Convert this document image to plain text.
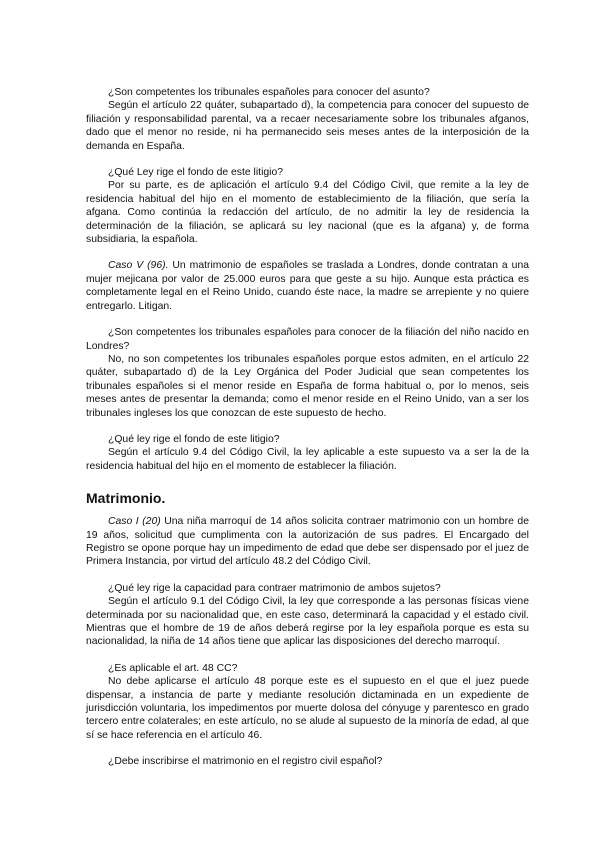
¿Son competentes los tribunales españoles para conocer del asunto?

Según el artículo 22 quáter, subapartado d), la competencia para conocer del supuesto de filiación y responsabilidad parental, va a recaer necesariamente sobre los tribunales afganos, dado que el menor no reside, ni ha permanecido seis meses antes de la interposición de la demanda en España.

¿Qué Ley rige el fondo de este litigio?

Por su parte, es de aplicación el artículo 9.4 del Código Civil, que remite a la ley de residencia habitual del hijo en el momento de establecimiento de la filiación, que sería la afgana. Como continúa la redacción del artículo, de no admitir la ley de residencia la determinación de la filiación, se aplicará su ley nacional (que es la afgana) y, de forma subsidiaria, la española.

Caso V (96). Un matrimonio de españoles se traslada a Londres, donde contratan a una mujer mejicana por valor de 25.000 euros para que geste a su hijo. Aunque esta práctica es completamente legal en el Reino Unido, cuando éste nace, la madre se arrepiente y no quiere entregarlo. Litigan.

¿Son competentes los tribunales españoles para conocer de la filiación del niño nacido en Londres?

No, no son competentes los tribunales españoles porque estos admiten, en el artículo 22 quáter, subapartado d) de la Ley Orgánica del Poder Judicial que sean competentes los tribunales españoles si el menor reside en España de forma habitual o, por lo menos, seis meses antes de presentar la demanda; como el menor reside en el Reino Unido, van a ser los tribunales ingleses los que conozcan de este supuesto de hecho.

¿Qué ley rige el fondo de este litigio?

Según el artículo 9.4 del Código Civil, la ley aplicable a este supuesto va a ser la de la residencia habitual del hijo en el momento de establecer la filiación.

Matrimonio.

Caso I (20) Una niña marroquí de 14 años solicita contraer matrimonio con un hombre de 19 años, solicitud que cumplimenta con la autorización de sus padres. El Encargado del Registro se opone porque hay un impedimento de edad que debe ser dispensado por el juez de Primera Instancia, por virtud del artículo 48.2 del Código Civil.

¿Qué ley rige la capacidad para contraer matrimonio de ambos sujetos?

Según el artículo 9.1 del Código Civil, la ley que corresponde a las personas físicas viene determinada por su nacionalidad que, en este caso, determinará la capacidad y el estado civil. Mientras que el hombre de 19 de años deberá regirse por la ley española porque es esta su nacionalidad, la niña de 14 años tiene que aplicar las disposiciones del derecho marroquí.

¿Es aplicable el art. 48 CC?

No debe aplicarse el artículo 48 porque este es el supuesto en el que el juez puede dispensar, a instancia de parte y mediante resolución dictaminada en un expediente de jurisdicción voluntaria, los impedimentos por muerte dolosa del cónyuge y parentesco en grado tercero entre colaterales; en este artículo, no se alude al supuesto de la minoría de edad, al que sí se hace referencia en el artículo 46.

¿Debe inscribirse el matrimonio en el registro civil español?
